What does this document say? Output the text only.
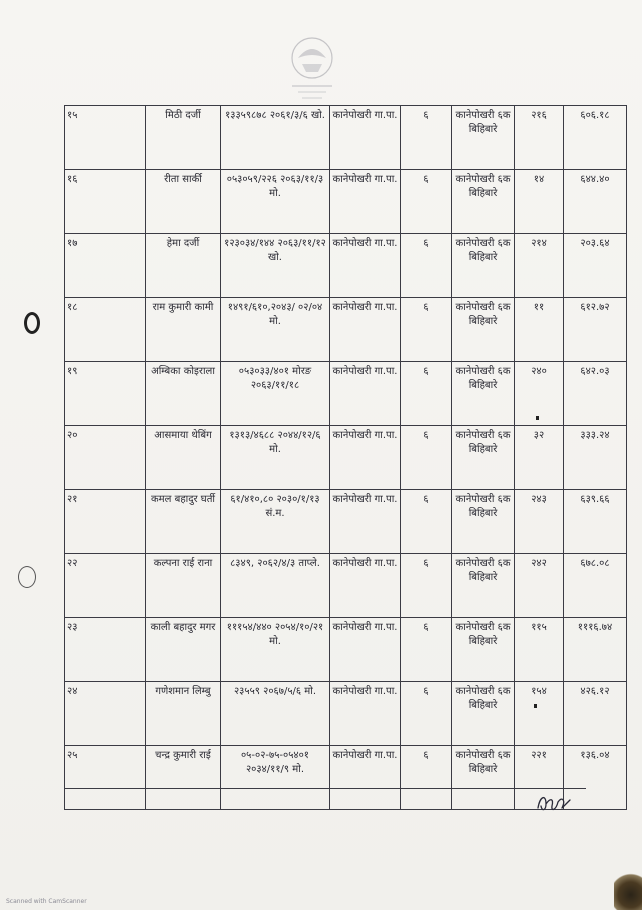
१५	मिठी दर्जी	१३३५९८७८ २०६१/३/६ खो.	कानेपोखरी गा.पा.	६	कानेपोखरी ६क बिहिबारे	२१६	६०६.१८
१६	रीता सार्की	०५३०५९/२२६ २०६३/११/३ मो.	कानेपोखरी गा.पा.	६	कानेपोखरी ६क बिहिबारे	१४	६४४.४०
१७	हेमा दर्जी	१२३०३४/१४४ २०६३/११/१२ खो.	कानेपोखरी गा.पा.	६	कानेपोखरी ६क बिहिबारे	२१४	२०३.६४
१८	राम कुमारी कामी	१४९१/६१०,२०४३/ ०२/०४ मो.	कानेपोखरी गा.पा.	६	कानेपोखरी ६क बिहिबारे	११	६१२.७२
१९	अम्बिका कोइराला	०५३०३३/४०१ मोरङ २०६३/११/१८	कानेपोखरी गा.पा.	६	कानेपोखरी ६क बिहिबारे	२४०	६४२.०३
२०	आसमाया थेबिंग	१३१३/४६८८ २०४४/१२/६ मो.	कानेपोखरी गा.पा.	६	कानेपोखरी ६क बिहिबारे	३२	३३३.२४
२१	कमल बहादुर घर्ती	६१/४१०,८० २०३०/१/१३ सं.म.	कानेपोखरी गा.पा.	६	कानेपोखरी ६क बिहिबारे	२४३	६३९.६६
२२	कल्पना राई राना	८३४९, २०६२/४/३ ताप्ले.	कानेपोखरी गा.पा.	६	कानेपोखरी ६क बिहिबारे	२४२	६७८.०८
२३	काली बहादुर मगर	१११५४/४४० २०५४/१०/२१ मो.	कानेपोखरी गा.पा.	६	कानेपोखरी ६क बिहिबारे	११५	१११६.७४
२४	गणेशमान लिम्बु	२३५५९ २०६७/५/६ मो.	कानेपोखरी गा.पा.	६	कानेपोखरी ६क बिहिबारे	१५४	४२६.१२
२५	चन्द्र कुमारी राई	०५-०२-७५-०५४०१ २०३४/११/९ मो.	कानेपोखरी गा.पा.	६	कानेपोखरी ६क बिहिबारे	२२१	१३६.०४
Scanned with CamScanner
